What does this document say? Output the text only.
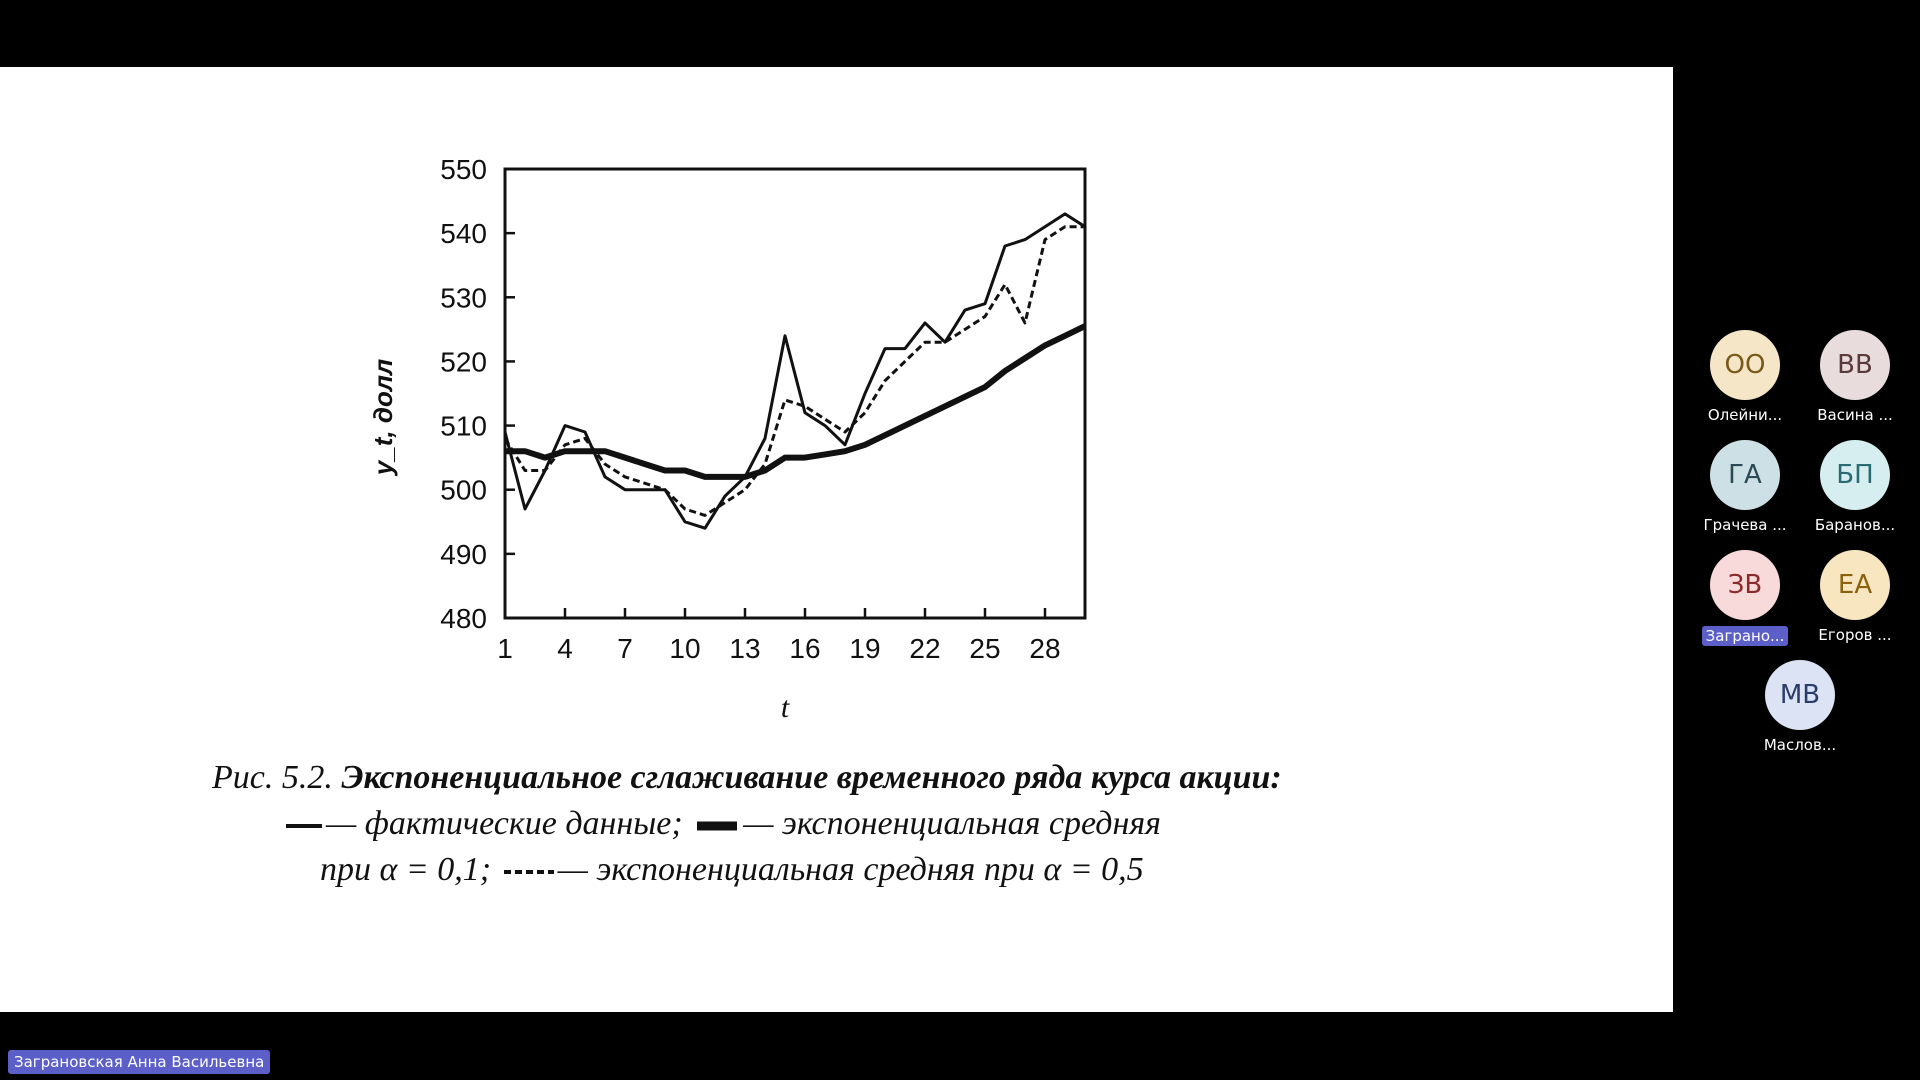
480
490
500
510
520
530
540
550
1 4 7 10 13 16 19 22 25 28
y_t, долл
t
Рис. 5.2. Экспоненциальное сглаживание временного ряда курса акции:
— фактические данные; — экспоненциальная средняя
при α = 0,1; — экспоненциальная средняя при α = 0,5
ОО
Олейни...
ВВ
Васина ...
ГА
Грачева ...
БП
Баранов...
ЗВ
Заграно...
ЕА
Егоров ...
МВ
Маслов...
Заграновская Анна Васильевна
